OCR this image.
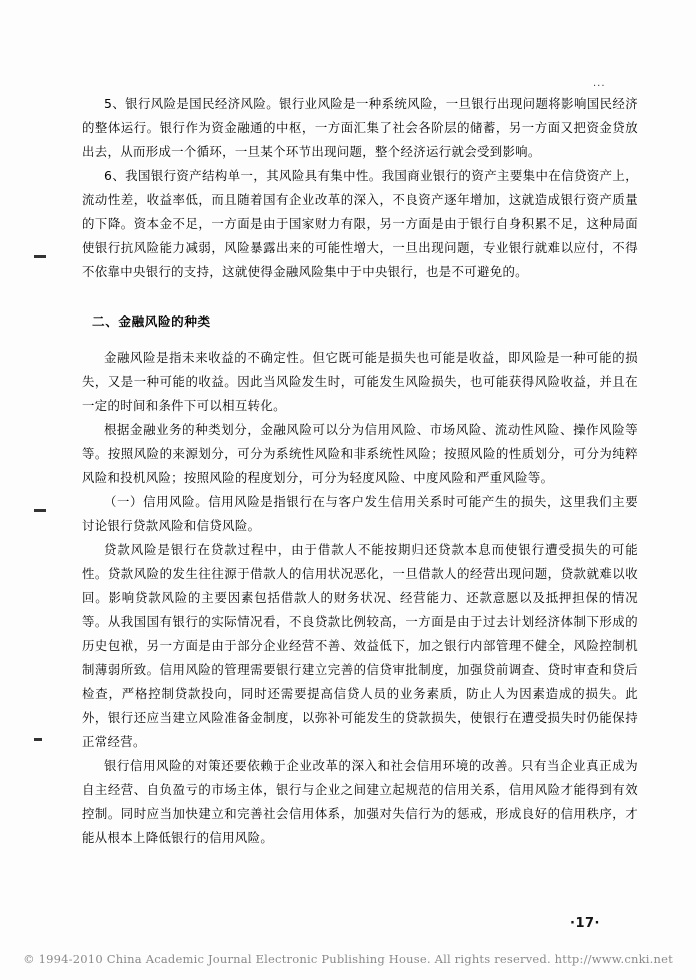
...

5、银行风险是国民经济风险。银行业风险是一种系统风险，一旦银行出现问题将影响国民经济的整体运行。银行作为资金融通的中枢，一方面汇集了社会各阶层的储蓄，另一方面又把资金贷放出去，从而形成一个循环，一旦某个环节出现问题，整个经济运行就会受到影响。

6、我国银行资产结构单一，其风险具有集中性。我国商业银行的资产主要集中在信贷资产上，流动性差，收益率低，而且随着国有企业改革的深入，不良资产逐年增加，这就造成银行资产质量的下降。资本金不足，一方面是由于国家财力有限，另一方面是由于银行自身积累不足，这种局面使银行抗风险能力减弱，风险暴露出来的可能性增大，一旦出现问题，专业银行就难以应付，不得不依靠中央银行的支持，这就使得金融风险集中于中央银行，也是不可避免的。

二、金融风险的种类

金融风险是指未来收益的不确定性。但它既可能是损失也可能是收益，即风险是一种可能的损失，又是一种可能的收益。因此当风险发生时，可能发生风险损失，也可能获得风险收益，并且在一定的时间和条件下可以相互转化。

根据金融业务的种类划分，金融风险可以分为信用风险、市场风险、流动性风险、操作风险等等。按照风险的来源划分，可分为系统性风险和非系统性风险；按照风险的性质划分，可分为纯粹风险和投机风险；按照风险的程度划分，可分为轻度风险、中度风险和严重风险等。

（一）信用风险。信用风险是指银行在与客户发生信用关系时可能产生的损失，这里我们主要讨论银行贷款风险和信贷风险。

贷款风险是银行在贷款过程中，由于借款人不能按期归还贷款本息而使银行遭受损失的可能性。贷款风险的发生往往源于借款人的信用状况恶化，一旦借款人的经营出现问题，贷款就难以收回。影响贷款风险的主要因素包括借款人的财务状况、经营能力、还款意愿以及抵押担保的情况等。从我国国有银行的实际情况看，不良贷款比例较高，一方面是由于过去计划经济体制下形成的历史包袱，另一方面是由于部分企业经营不善、效益低下，加之银行内部管理不健全，风险控制机制薄弱所致。信用风险的管理需要银行建立完善的信贷审批制度，加强贷前调查、贷时审查和贷后检查，严格控制贷款投向，同时还需要提高信贷人员的业务素质，防止人为因素造成的损失。此外，银行还应当建立风险准备金制度，以弥补可能发生的贷款损失，使银行在遭受损失时仍能保持正常经营。

银行信用风险的对策还要依赖于企业改革的深入和社会信用环境的改善。只有当企业真正成为自主经营、自负盈亏的市场主体，银行与企业之间建立起规范的信用关系，信用风险才能得到有效控制。同时应当加快建立和完善社会信用体系，加强对失信行为的惩戒，形成良好的信用秩序，才能从根本上降低银行的信用风险。

·17·
© 1994-2010 China Academic Journal Electronic Publishing House. All rights reserved. http://www.cnki.net
